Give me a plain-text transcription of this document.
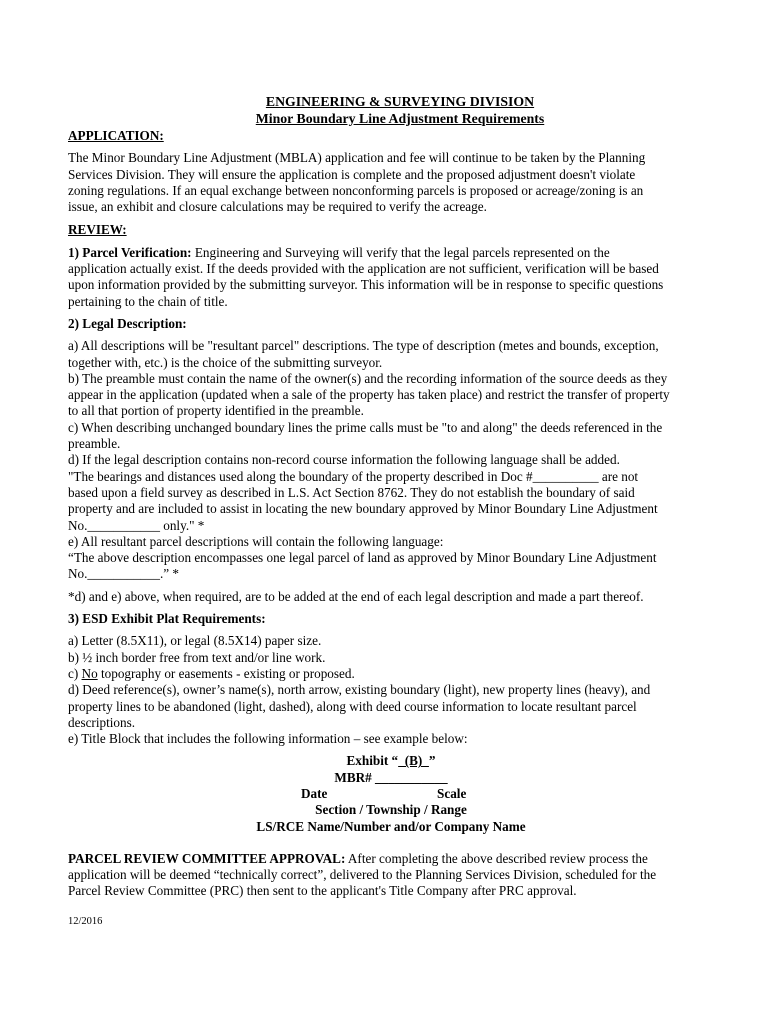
ENGINEERING & SURVEYING DIVISION
Minor Boundary Line Adjustment Requirements
APPLICATION:
The Minor Boundary Line Adjustment (MBLA) application and fee will continue to be taken by the Planning
Services Division. They will ensure the application is complete and the proposed adjustment doesn't violate
zoning regulations. If an equal exchange between nonconforming parcels is proposed or acreage/zoning is an
issue, an exhibit and closure calculations may be required to verify the acreage.
REVIEW:
1) Parcel Verification: Engineering and Surveying will verify that the legal parcels represented on the
application actually exist. If the deeds provided with the application are not sufficient, verification will be based
upon information provided by the submitting surveyor. This information will be in response to specific questions
pertaining to the chain of title.
2) Legal Description:
a) All descriptions will be "resultant parcel" descriptions. The type of description (metes and bounds, exception,
together with, etc.) is the choice of the submitting surveyor.
b) The preamble must contain the name of the owner(s) and the recording information of the source deeds as they
appear in the application (updated when a sale of the property has taken place) and restrict the transfer of property
to all that portion of property identified in the preamble.
c) When describing unchanged boundary lines the prime calls must be "to and along" the deeds referenced in the
preamble.
d) If the legal description contains non-record course information the following language shall be added.
"The bearings and distances used along the boundary of the property described in Doc #__________ are not
based upon a field survey as described in L.S. Act Section 8762. They do not establish the boundary of said
property and are included to assist in locating the new boundary approved by Minor Boundary Line Adjustment
No.___________ only." *
e) All resultant parcel descriptions will contain the following language:
“The above description encompasses one legal parcel of land as approved by Minor Boundary Line Adjustment
No.___________.” *
*d) and e) above, when required, are to be added at the end of each legal description and made a part thereof.
3) ESD Exhibit Plat Requirements:
a) Letter (8.5X11), or legal (8.5X14) paper size.
b) ½ inch border free from text and/or line work.
c) No topography or easements - existing or proposed.
d) Deed reference(s), owner’s name(s), north arrow, existing boundary (light), new property lines (heavy), and
property lines to be abandoned (light, dashed), along with deed course information to locate resultant parcel
descriptions.
e) Title Block that includes the following information – see example below:
Exhibit “  (B)  ”
MBR# ___________
Date	Scale
Section / Township / Range
LS/RCE Name/Number and/or Company Name
PARCEL REVIEW COMMITTEE APPROVAL: After completing the above described review process the
application will be deemed “technically correct”, delivered to the Planning Services Division, scheduled for the
Parcel Review Committee (PRC) then sent to the applicant's Title Company after PRC approval.
12/2016
